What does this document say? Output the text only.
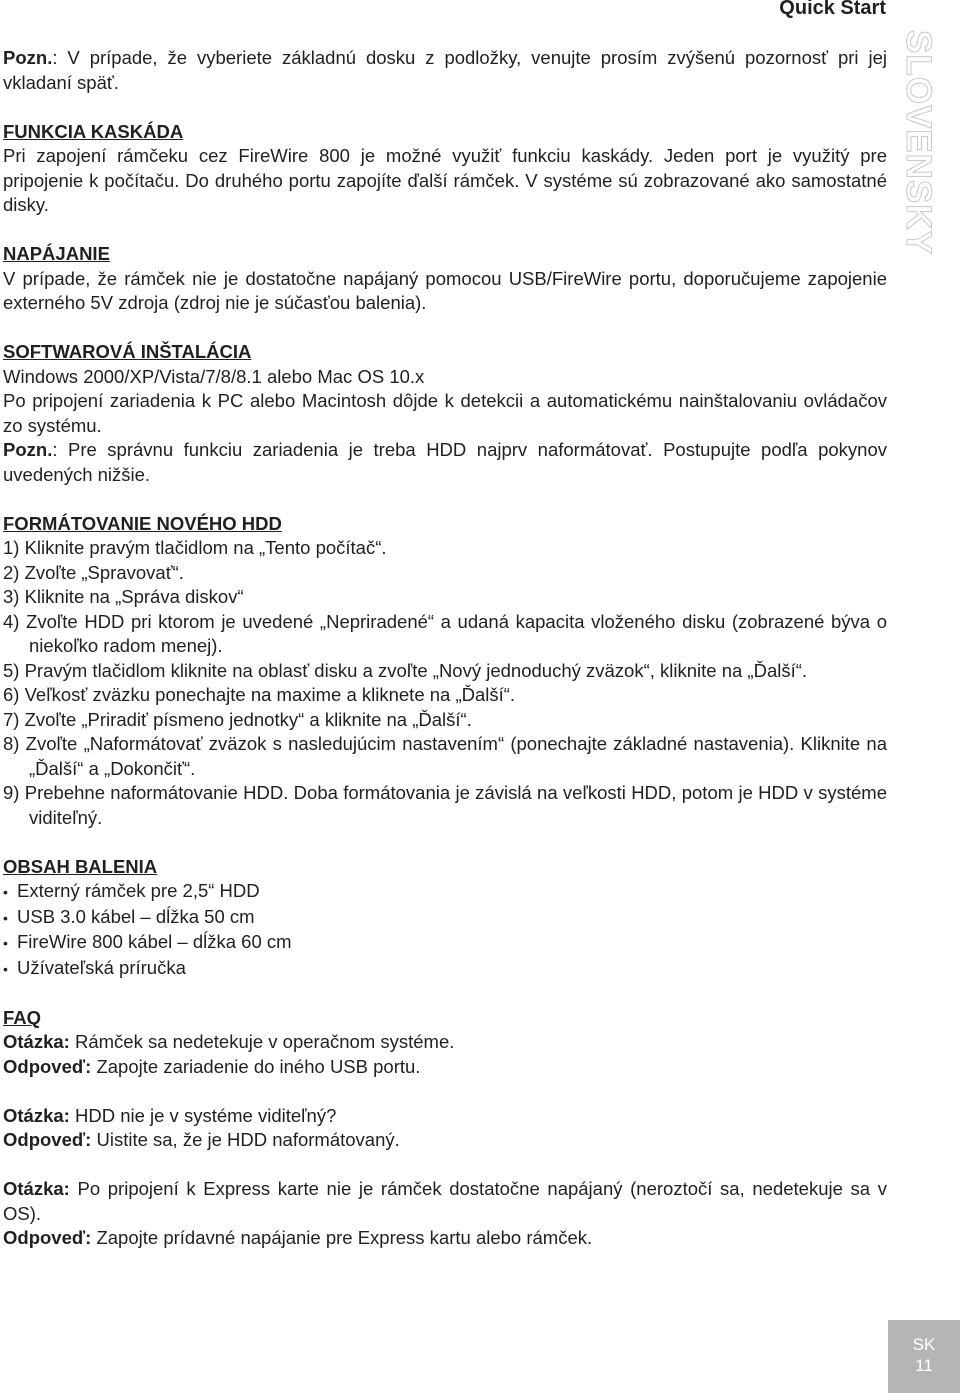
Quick Start
SLOVENSKY

Pozn.: V prípade, že vyberiete základnú dosku z podložky, venujte prosím zvýšenú pozornosť pri jej vkladaní späť.

FUNKCIA KASKÁDA

Pri zapojení rámčeku cez FireWire 800 je možné využiť funkciu kaskády. Jeden port je využitý pre pripojenie k počítaču. Do druhého portu zapojíte ďalší rámček. V systéme sú zobrazované ako samostatné disky.

NAPÁJANIE

V prípade, že rámček nie je dostatočne napájaný pomocou USB/FireWire portu, doporučujeme zapojenie externého 5V zdroja (zdroj nie je súčasťou balenia).

SOFTWAROVÁ INŠTALÁCIA

Windows 2000/XP/Vista/7/8/8.1 alebo Mac OS 10.x

Po pripojení zariadenia k PC alebo Macintosh dôjde k detekcii a automatickému nainštalovaniu ovládačov zo systému.

Pozn.: Pre správnu funkciu zariadenia je treba HDD najprv naformátovať. Postupujte podľa pokynov uvedených nižšie.

FORMÁTOVANIE NOVÉHO HDD
1) Kliknite pravým tlačidlom na „Tento počítač“.
2) Zvoľte „Spravovať“.
3) Kliknite na „Správa diskov“
4) Zvoľte HDD pri ktorom je uvedené „Nepriradené“ a udaná kapacita vloženého disku (zobrazené býva o niekoľko radom menej).
5) Pravým tlačidlom kliknite na oblasť disku a zvoľte „Nový jednoduchý zväzok“, kliknite na „Ďalší“.
6) Veľkosť zväzku ponechajte na maxime a kliknete na „Ďalší“.
7) Zvoľte „Priradiť písmeno jednotky“ a kliknite na „Ďalší“.
8) Zvoľte „Naformátovať zväzok s nasledujúcim nastavením“ (ponechajte základné nastavenia). Kliknite na „Ďalší“ a „Dokončiť“.
9) Prebehne naformátovanie HDD. Doba formátovania je závislá na veľkosti HDD, potom je HDD v systéme viditeľný.
OBSAH BALENIA
• Externý rámček pre 2,5“ HDD
• USB 3.0 kábel – dĺžka 50 cm
• FireWire 800 kábel – dĺžka 60 cm
• Užívateľská príručka
FAQ

Otázka: Rámček sa nedetekuje v operačnom systéme.

Odpoveď: Zapojte zariadenie do iného USB portu.

Otázka: HDD nie je v systéme viditeľný?

Odpoveď: Uistite sa, že je HDD naformátovaný.

Otázka: Po pripojení k Express karte nie je rámček dostatočne napájaný (neroztočí sa, nedetekuje sa v OS).

Odpoveď: Zapojte prídavné napájanie pre Express kartu alebo rámček.

SK
11
